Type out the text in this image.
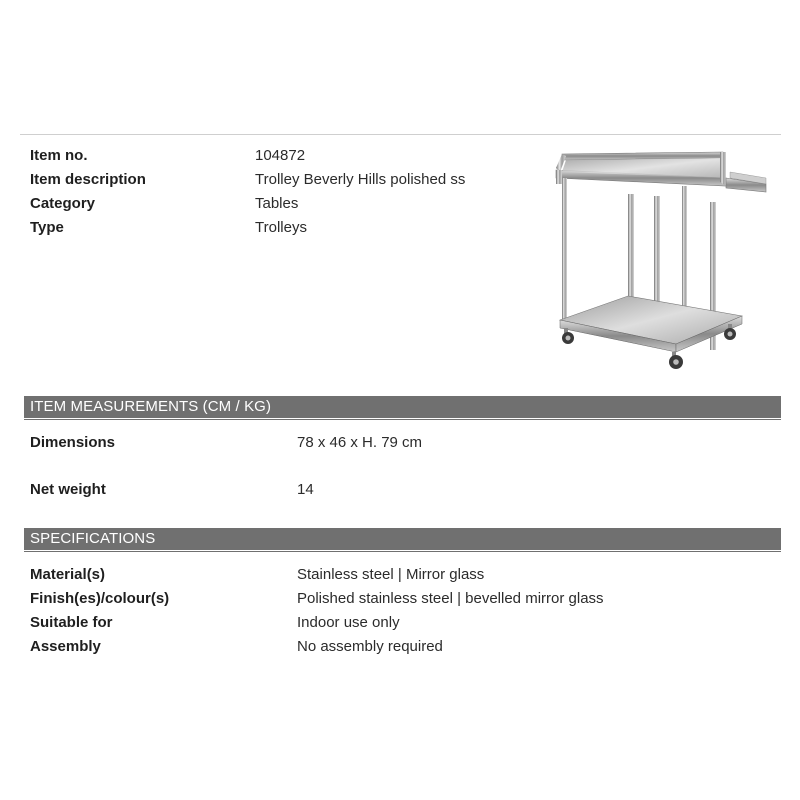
Item no.	104872
Item description	Trolley Beverly Hills polished ss
Category	Tables
Type	Trolleys
ITEM MEASUREMENTS (CM / KG)
Dimensions	78 x 46 x H. 79 cm
Net weight	14
SPECIFICATIONS
Material(s)	Stainless steel | Mirror glass
Finish(es)/colour(s)	Polished stainless steel | bevelled mirror glass
Suitable for	Indoor use only
Assembly	No assembly required
